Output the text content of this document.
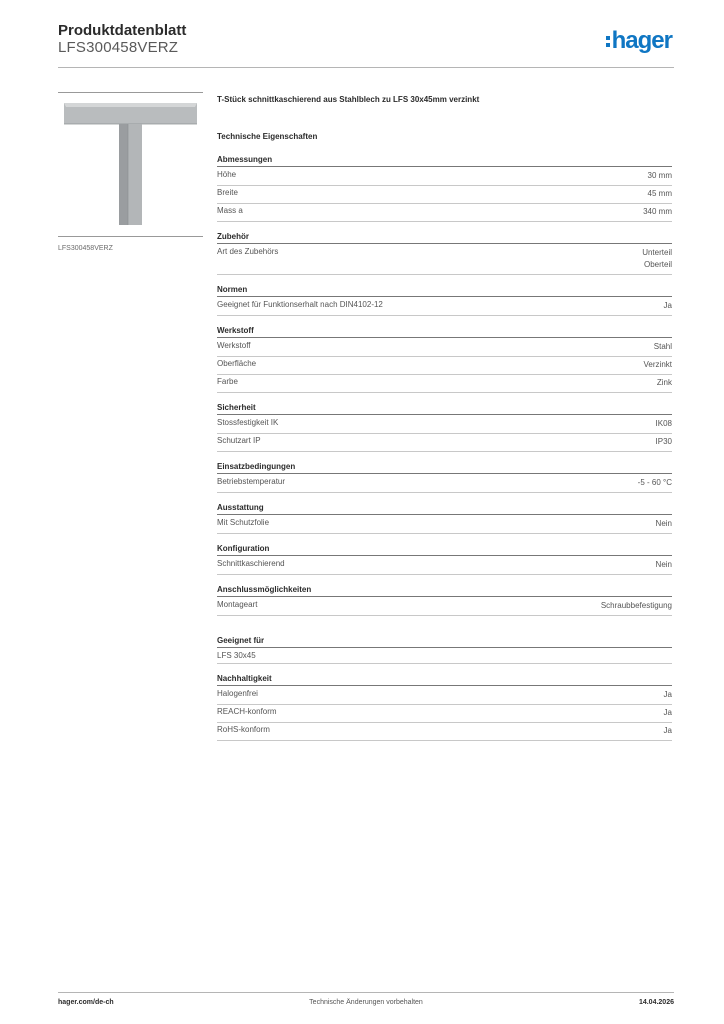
Produktdatenblatt
LFS300458VERZ	hager
LFS300458VERZ
T-Stück schnittkaschierend aus Stahlblech zu LFS 30x45mm verzinkt
Technische Eigenschaften
Abmessungen
Höhe	30 mm
Breite	45 mm
Mass a	340 mm
Zubehör
Art des Zubehörs	Unterteil
Oberteil
Normen
Geeignet für Funktionserhalt nach DIN4102-12	Ja
Werkstoff
Werkstoff	Stahl
Oberfläche	Verzinkt
Farbe	Zink
Sicherheit
Stossfestigkeit IK	IK08
Schutzart IP	IP30
Einsatzbedingungen
Betriebstemperatur	-5 - 60 °C
Ausstattung
Mit Schutzfolie	Nein
Konfiguration
Schnittkaschierend	Nein
Anschlussmöglichkeiten
Montageart	Schraubbefestigung
Geeignet für
LFS 30x45
Nachhaltigkeit
Halogenfrei	Ja
REACH-konform	Ja
RoHS-konform	Ja
hager.com/de-ch	Technische Änderungen vorbehalten	14.04.2026
